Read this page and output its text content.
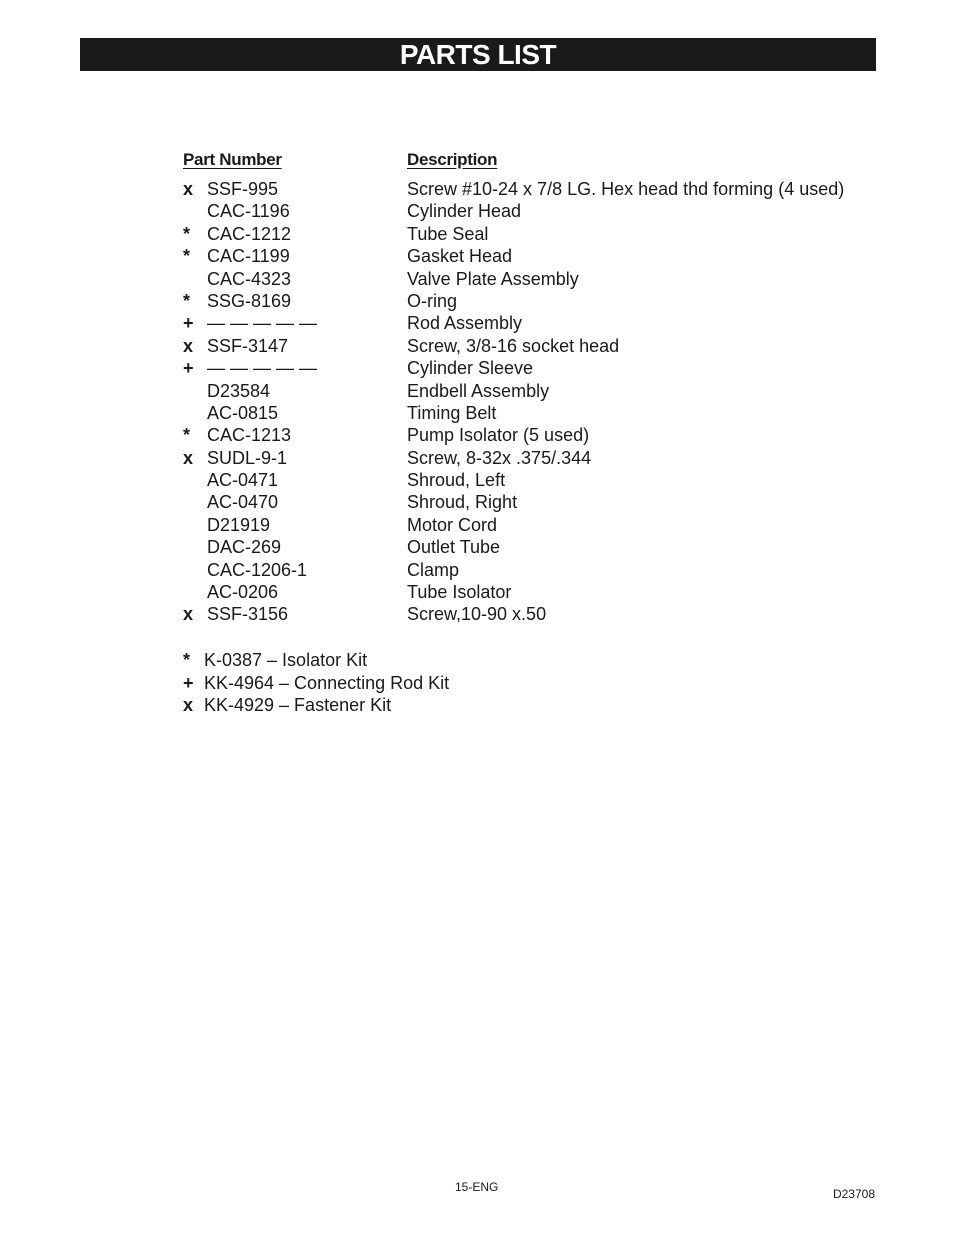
PARTS LIST
Part Number	Description
x SSF-995	Screw #10-24 x 7/8 LG. Hex head thd forming (4 used)
CAC-1196	Cylinder Head
* CAC-1212	Tube Seal
* CAC-1199	Gasket Head
CAC-4323	Valve Plate Assembly
* SSG-8169	O-ring
+ — — — — —	Rod Assembly
x SSF-3147	Screw, 3/8-16 socket head
+ — — — — —	Cylinder Sleeve
D23584	Endbell Assembly
AC-0815	Timing Belt
* CAC-1213	Pump Isolator (5 used)
x SUDL-9-1	Screw, 8-32x .375/.344
AC-0471	Shroud, Left
AC-0470	Shroud, Right
D21919	Motor Cord
DAC-269	Outlet Tube
CAC-1206-1	Clamp
AC-0206	Tube Isolator
x SSF-3156	Screw,10-90 x.50
* K-0387 – Isolator Kit
+ KK-4964 – Connecting Rod Kit
x KK-4929 – Fastener Kit
15-ENG	D23708
